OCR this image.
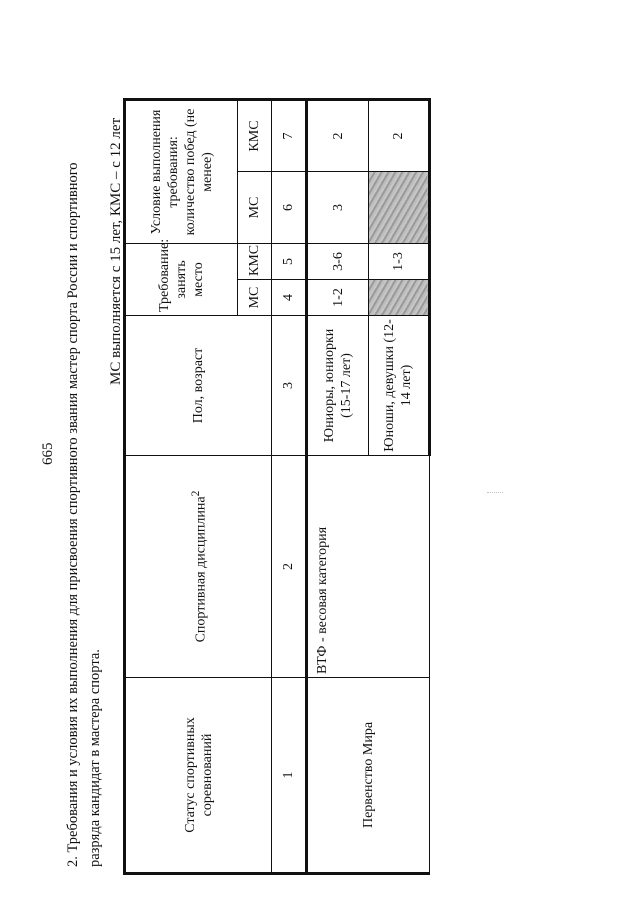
665 2. Требования и условия их выполнения для присвоения спортивного звания мастер спорта России и спортивного разряда кандидат в мастера спорта.
МС выполняется с 15 лет, КМС – с 12 лет
Статус спортивных соревнований	Спортивная дисциплина$^2$	Пол, возраст	Требование: занять место		Условие выполнения требования: количество побед (не менее)	
			МС	КМС	МС	КМС
1	2	3	4	5	6	7
Первенство Мира	ВТФ - весовая категория	Юниоры, юниорки (15-17 лет)	1-2	3-6	3	2
		Юноши, девушки (12-14 лет)		1-3		2
